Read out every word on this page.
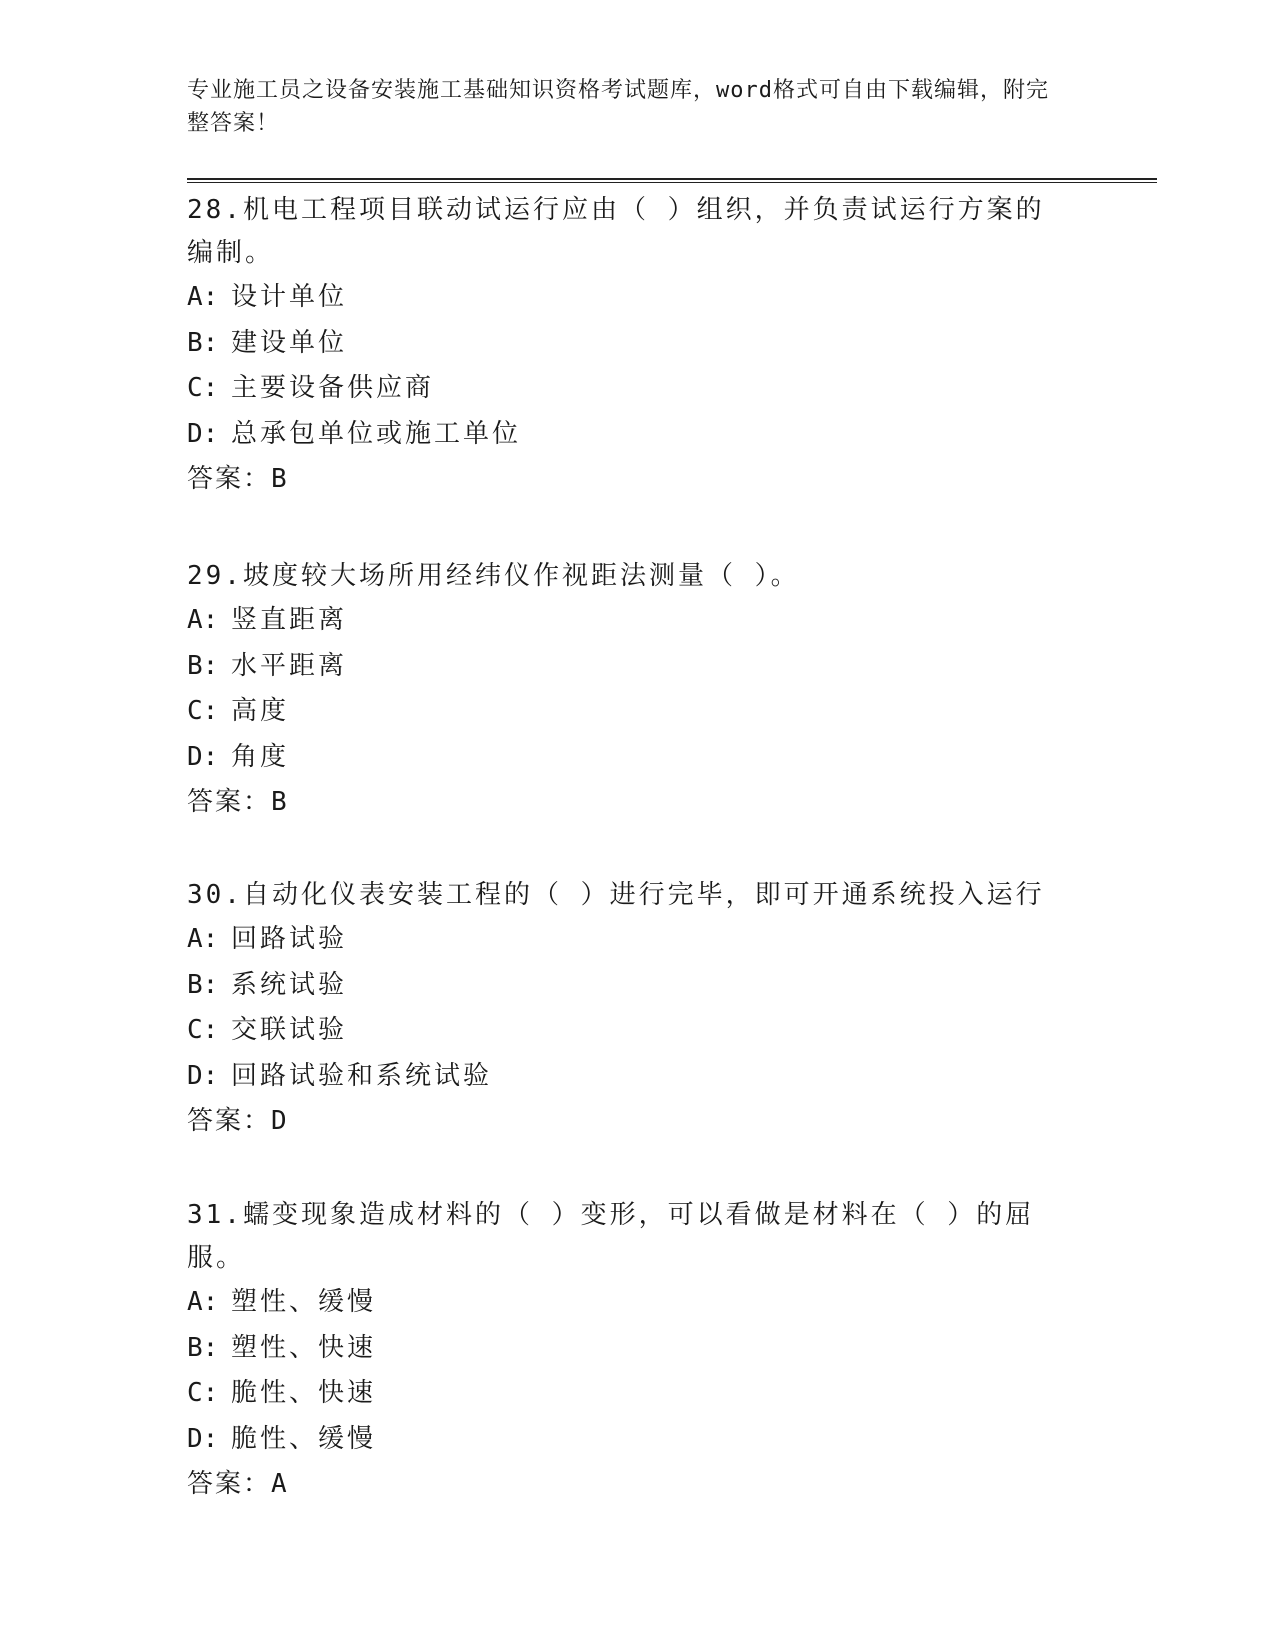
专业施工员之设备安装施工基础知识资格考试题库，word格式可自由下载编辑，附完整答案！

28.机电工程项目联动试运行应由（ ）组织，并负责试运行方案的编制。

A: 设计单位

B: 建设单位

C: 主要设备供应商

D: 总承包单位或施工单位

答案：B

29.坡度较大场所用经纬仪作视距法测量（ ）。

A: 竖直距离

B: 水平距离

C: 高度

D: 角度

答案：B

30.自动化仪表安装工程的（ ）进行完毕，即可开通系统投入运行

A: 回路试验

B: 系统试验

C: 交联试验

D: 回路试验和系统试验

答案：D

31.蠕变现象造成材料的（ ）变形，可以看做是材料在（ ）的屈服。

A: 塑性、缓慢

B: 塑性、快速

C: 脆性、快速

D: 脆性、缓慢

答案：A
